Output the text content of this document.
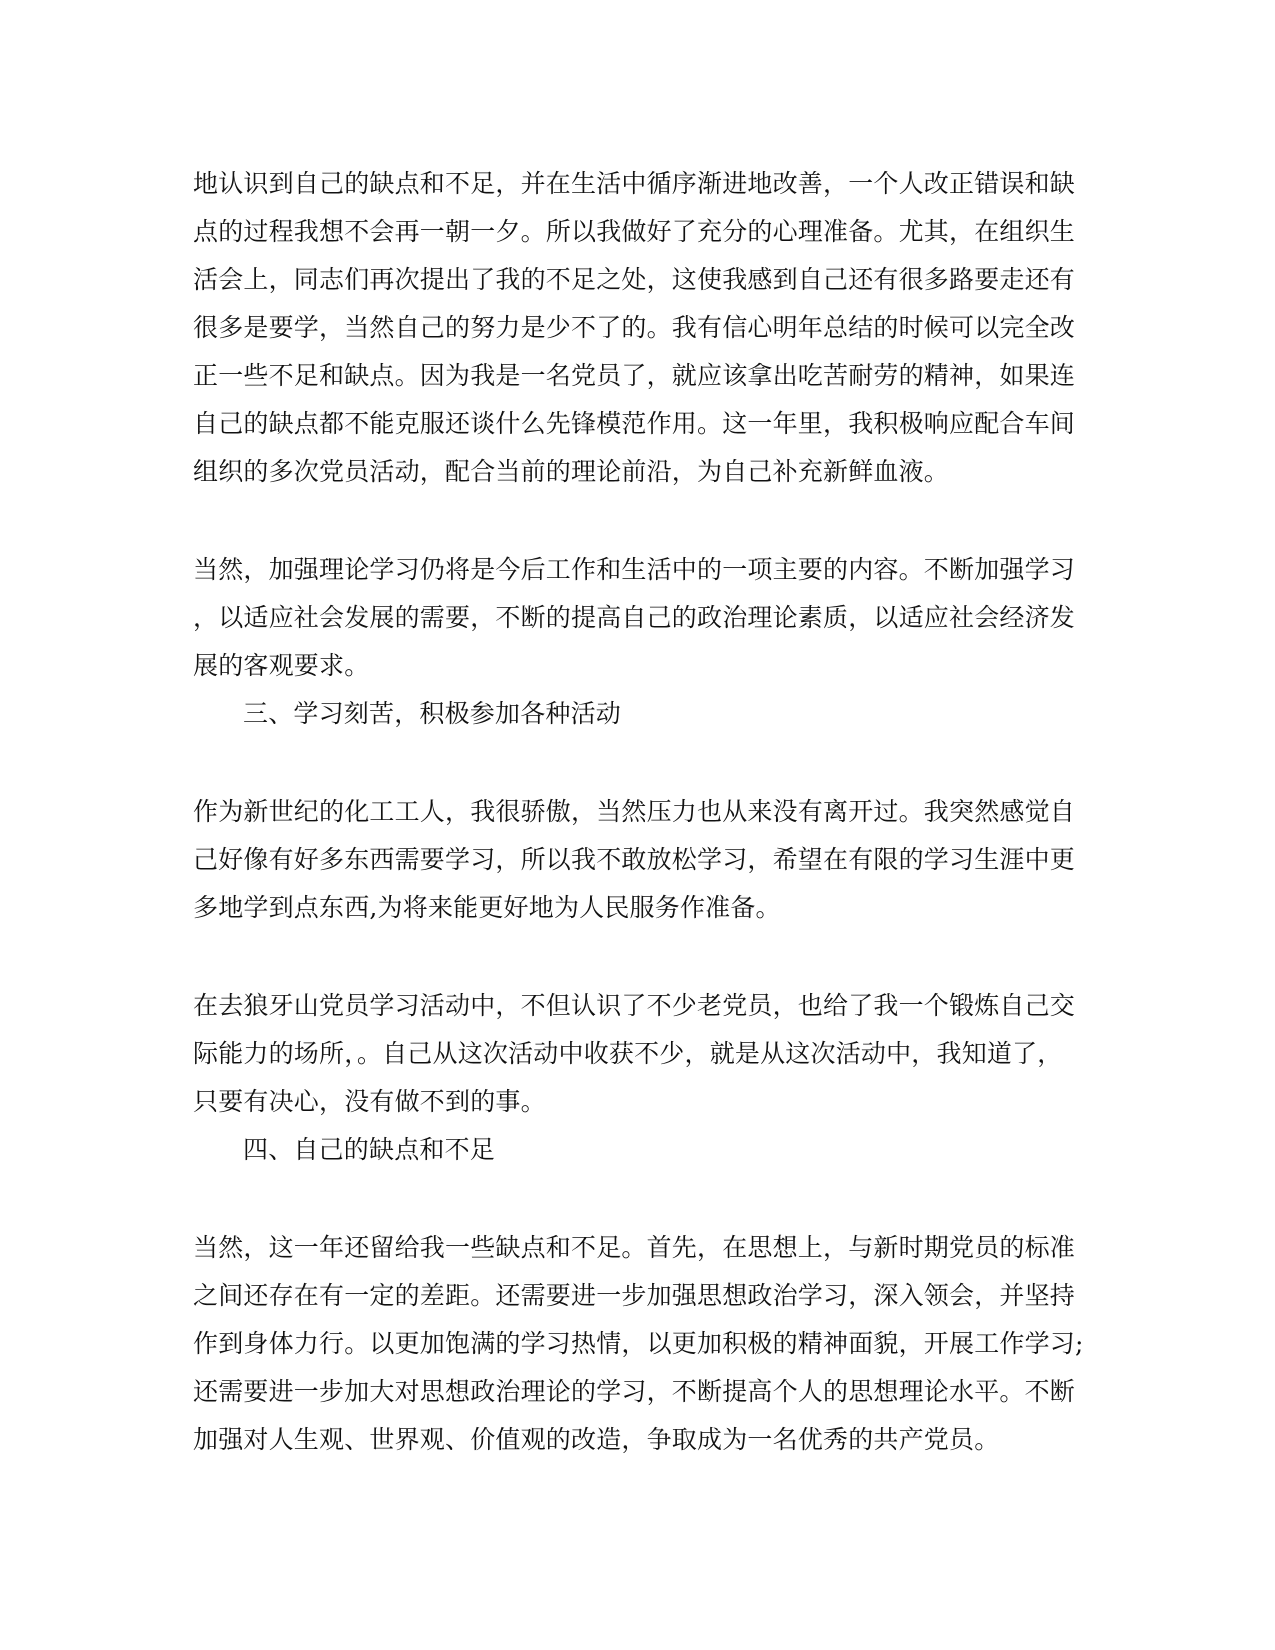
地认识到自己的缺点和不足，并在生活中循序渐进地改善，一个人改正错误和缺
点的过程我想不会再一朝一夕。所以我做好了充分的心理准备。尤其，在组织生
活会上，同志们再次提出了我的不足之处，这使我感到自己还有很多路要走还有
很多是要学，当然自己的努力是少不了的。我有信心明年总结的时候可以完全改
正一些不足和缺点。因为我是一名党员了，就应该拿出吃苦耐劳的精神，如果连
自己的缺点都不能克服还谈什么先锋模范作用。这一年里，我积极响应配合车间
组织的多次党员活动，配合当前的理论前沿，为自己补充新鲜血液。
当然，加强理论学习仍将是今后工作和生活中的一项主要的内容。不断加强学习
，以适应社会发展的需要，不断的提高自己的政治理论素质，以适应社会经济发
展的客观要求。
三、学习刻苦，积极参加各种活动
作为新世纪的化工工人，我很骄傲，当然压力也从来没有离开过。我突然感觉自
己好像有好多东西需要学习，所以我不敢放松学习，希望在有限的学习生涯中更
多地学到点东西,为将来能更好地为人民服务作准备。
在去狼牙山党员学习活动中，不但认识了不少老党员，也给了我一个锻炼自己交
际能力的场所，。自己从这次活动中收获不少，就是从这次活动中，我知道了，
只要有决心，没有做不到的事。
四、自己的缺点和不足
当然，这一年还留给我一些缺点和不足。首先，在思想上，与新时期党员的标准
之间还存在有一定的差距。还需要进一步加强思想政治学习，深入领会，并坚持
作到身体力行。以更加饱满的学习热情，以更加积极的精神面貌，开展工作学习;
还需要进一步加大对思想政治理论的学习，不断提高个人的思想理论水平。不断
加强对人生观、世界观、价值观的改造，争取成为一名优秀的共产党员。
